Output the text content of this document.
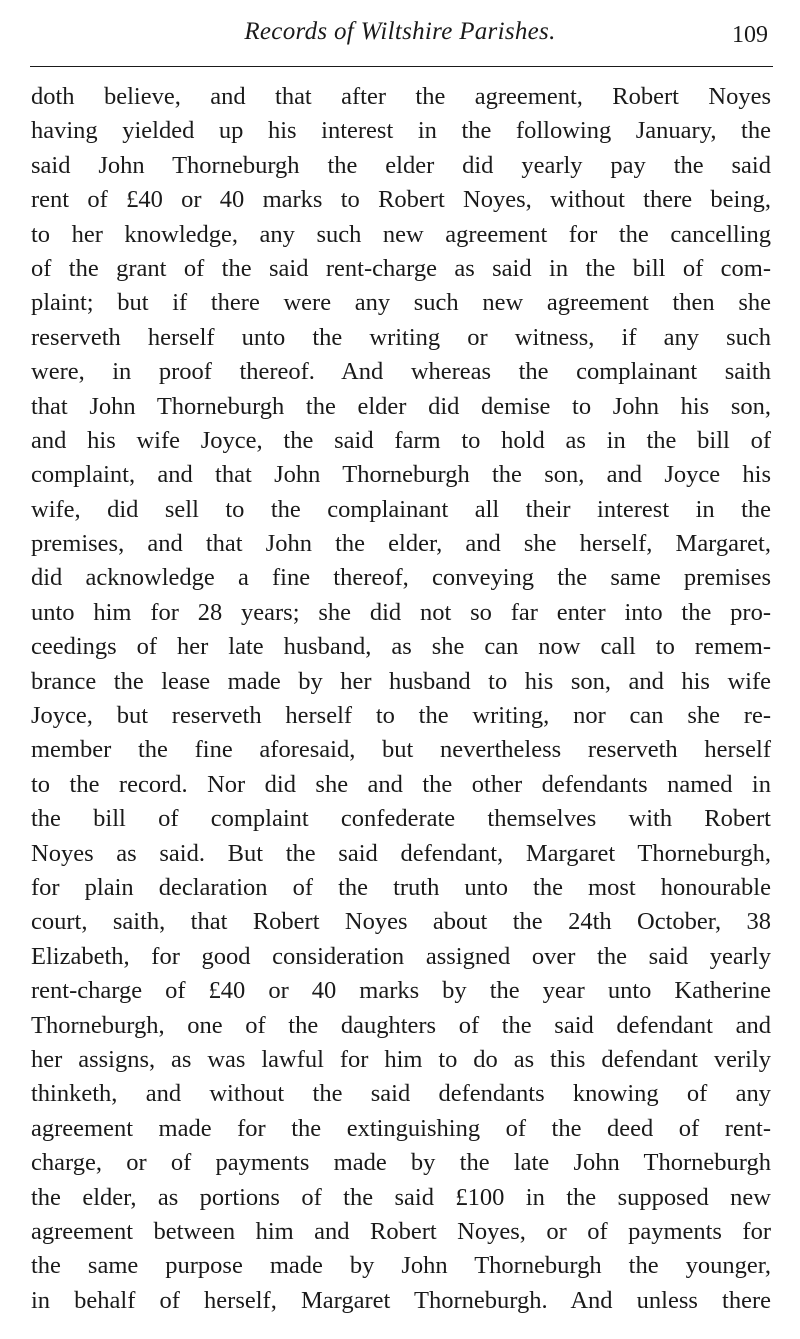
Records of Wiltshire Parishes.	109
doth believe, and that after the agreement, Robert Noyes
having yielded up his interest in the following January, the
said John Thorneburgh the elder did yearly pay the said
rent of £40 or 40 marks to Robert Noyes, without there being,
to her knowledge, any such new agreement for the cancelling
of the grant of the said rent-charge as said in the bill of com-
plaint; but if there were any such new agreement then she
reserveth herself unto the writing or witness, if any such
were, in proof thereof. And whereas the complainant saith
that John Thorneburgh the elder did demise to John his son,
and his wife Joyce, the said farm to hold as in the bill of
complaint, and that John Thorneburgh the son, and Joyce his
wife, did sell to the complainant all their interest in the
premises, and that John the elder, and she herself, Margaret,
did acknowledge a fine thereof, conveying the same premises
unto him for 28 years; she did not so far enter into the pro-
ceedings of her late husband, as she can now call to remem-
brance the lease made by her husband to his son, and his wife
Joyce, but reserveth herself to the writing, nor can she re-
member the fine aforesaid, but nevertheless reserveth herself
to the record. Nor did she and the other defendants named in
the bill of complaint confederate themselves with Robert
Noyes as said. But the said defendant, Margaret Thorneburgh,
for plain declaration of the truth unto the most honourable
court, saith, that Robert Noyes about the 24th October, 38
Elizabeth, for good consideration assigned over the said yearly
rent-charge of £40 or 40 marks by the year unto Katherine
Thorneburgh, one of the daughters of the said defendant and
her assigns, as was lawful for him to do as this defendant verily
thinketh, and without the said defendants knowing of any
agreement made for the extinguishing of the deed of rent-
charge, or of payments made by the late John Thorneburgh
the elder, as portions of the said £100 in the supposed new
agreement between him and Robert Noyes, or of payments for
the same purpose made by John Thorneburgh the younger,
in behalf of herself, Margaret Thorneburgh. And unless there
